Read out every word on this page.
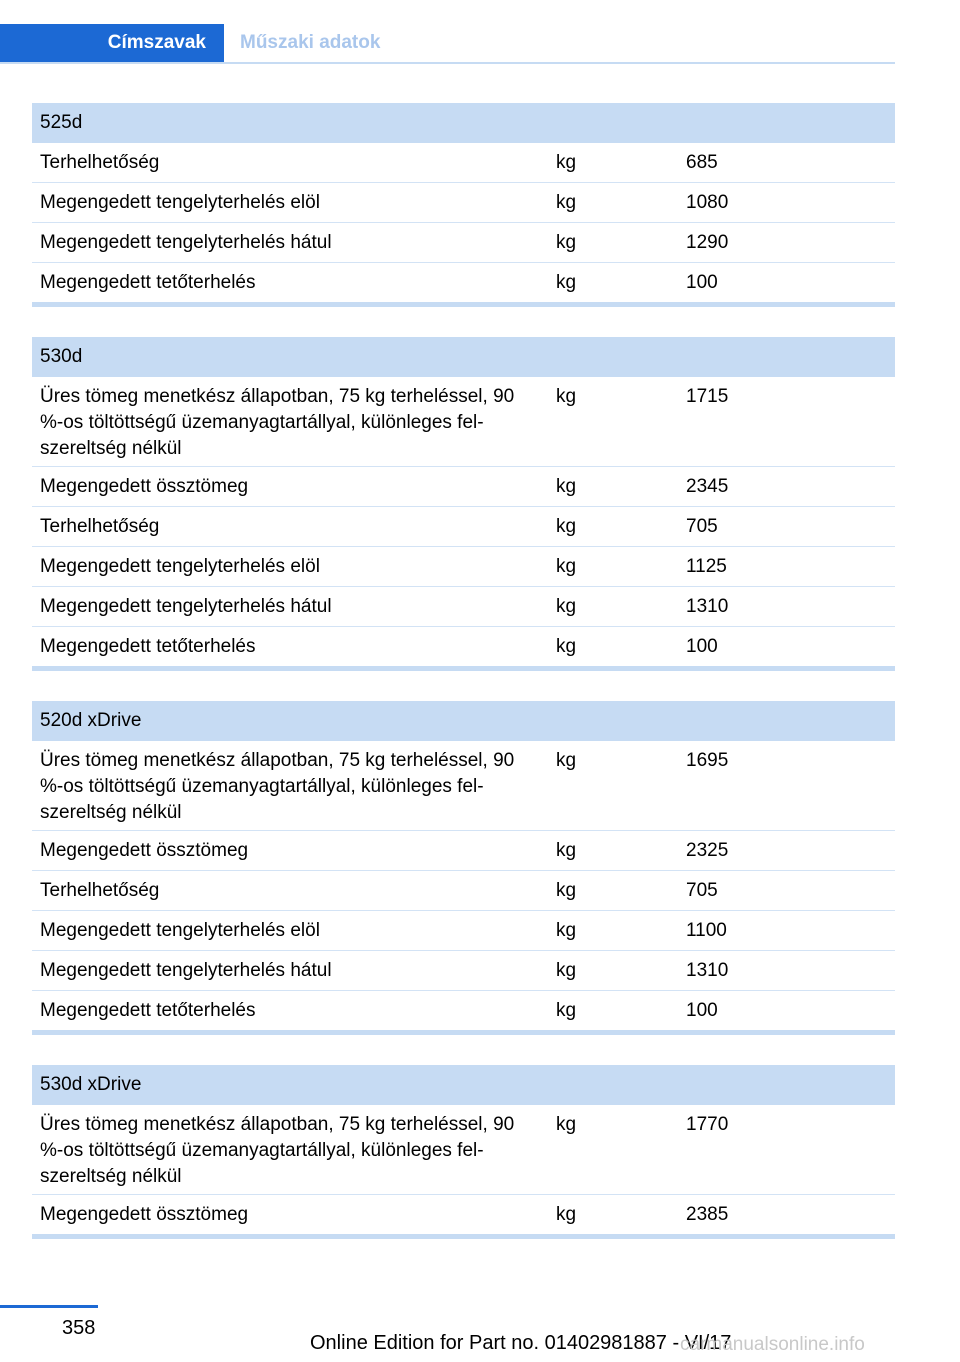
Címszavak	Műszaki adatok
525d
Terhelhetőség	kg	685
Megengedett tengelyterhelés elöl	kg	1080
Megengedett tengelyterhelés hátul	kg	1290
Megengedett tetőterhelés	kg	100
530d
Üres tömeg menetkész állapotban, 75 kg terheléssel, 90 %-os töltöttségű üzemanyagtartállyal, különleges fel-szereltség nélkül
kg	1715
Megengedett össztömeg	kg	2345
Terhelhetőség	kg	705
Megengedett tengelyterhelés elöl	kg	1125
Megengedett tengelyterhelés hátul	kg	1310
Megengedett tetőterhelés	kg	100
520d xDrive
Üres tömeg menetkész állapotban, 75 kg terheléssel, 90 %-os töltöttségű üzemanyagtartállyal, különleges fel-szereltség nélkül
kg	1695
Megengedett össztömeg	kg	2325
Terhelhetőség	kg	705
Megengedett tengelyterhelés elöl	kg	1100
Megengedett tengelyterhelés hátul	kg	1310
Megengedett tetőterhelés	kg	100
530d xDrive
Üres tömeg menetkész állapotban, 75 kg terheléssel, 90 %-os töltöttségű üzemanyagtartállyal, különleges fel-szereltség nélkül
kg	1770
Megengedett össztömeg	kg	2385
358
Online Edition for Part no. 01402981887 - VI/17
carmanualsonline.info
